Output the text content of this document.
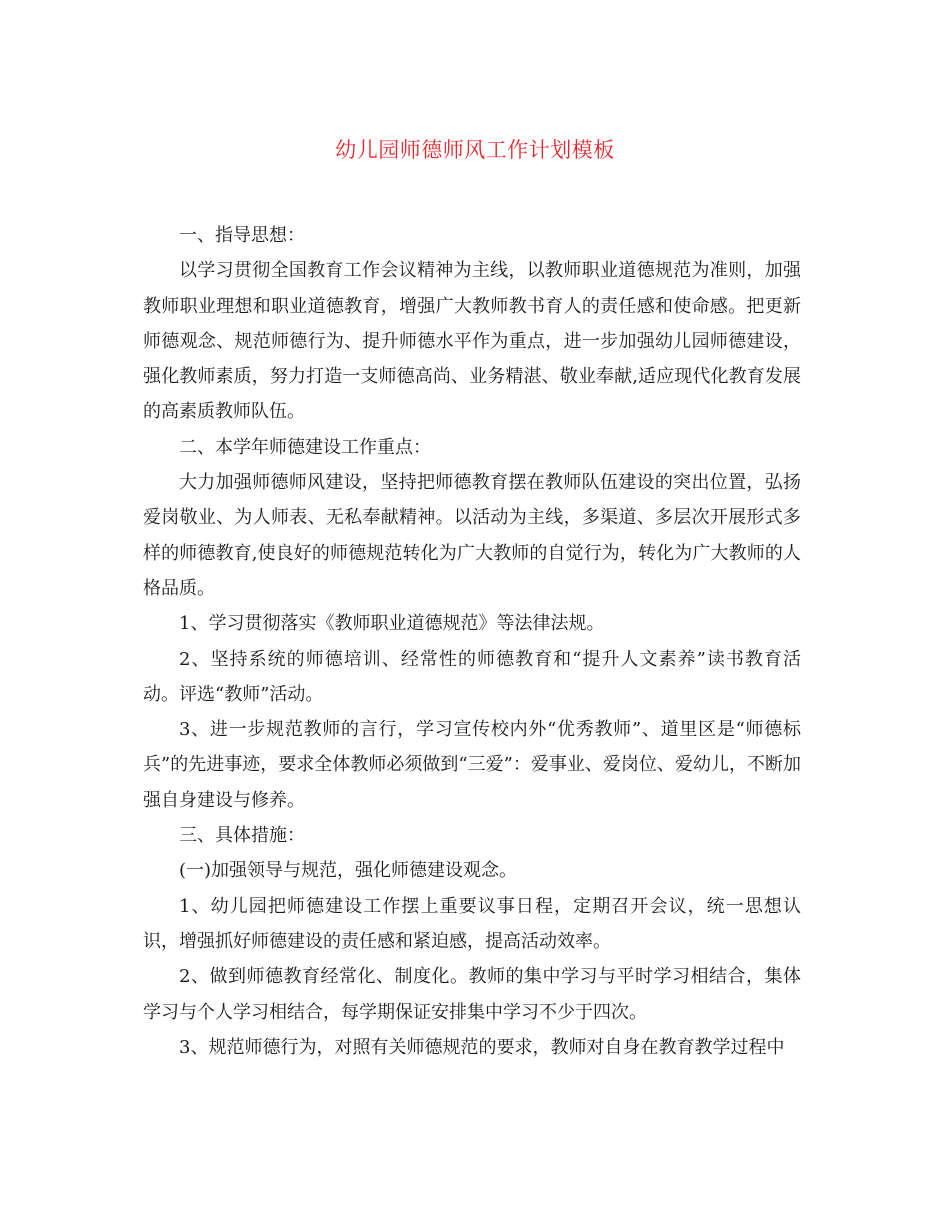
幼儿园师德师风工作计划模板

一、指导思想：

以学习贯彻全国教育工作会议精神为主线，以教师职业道德规范为准则，加强教师职业理想和职业道德教育，增强广大教师教书育人的责任感和使命感。把更新师德观念、规范师德行为、提升师德水平作为重点，进一步加强幼儿园师德建设，强化教师素质，努力打造一支师德高尚、业务精湛、敬业奉献,适应现代化教育发展的高素质教师队伍。

二、本学年师德建设工作重点：

大力加强师德师风建设，坚持把师德教育摆在教师队伍建设的突出位置，弘扬爱岗敬业、为人师表、无私奉献精神。以活动为主线，多渠道、多层次开展形式多样的师德教育,使良好的师德规范转化为广大教师的自觉行为，转化为广大教师的人格品质。

1、学习贯彻落实《教师职业道德规范》等法律法规。

2、坚持系统的师德培训、经常性的师德教育和“提升人文素养”读书教育活动。评选“教师”活动。

3、进一步规范教师的言行，学习宣传校内外“优秀教师”、道里区是“师德标兵”的先进事迹，要求全体教师必须做到“三爱”：爱事业、爱岗位、爱幼儿，不断加强自身建设与修养。

三、具体措施：

(一)加强领导与规范，强化师德建设观念。

1、幼儿园把师德建设工作摆上重要议事日程，定期召开会议，统一思想认识，增强抓好师德建设的责任感和紧迫感，提高活动效率。

2、做到师德教育经常化、制度化。教师的集中学习与平时学习相结合，集体学习与个人学习相结合，每学期保证安排集中学习不少于四次。

3、规范师德行为，对照有关师德规范的要求，教师对自身在教育教学过程中
